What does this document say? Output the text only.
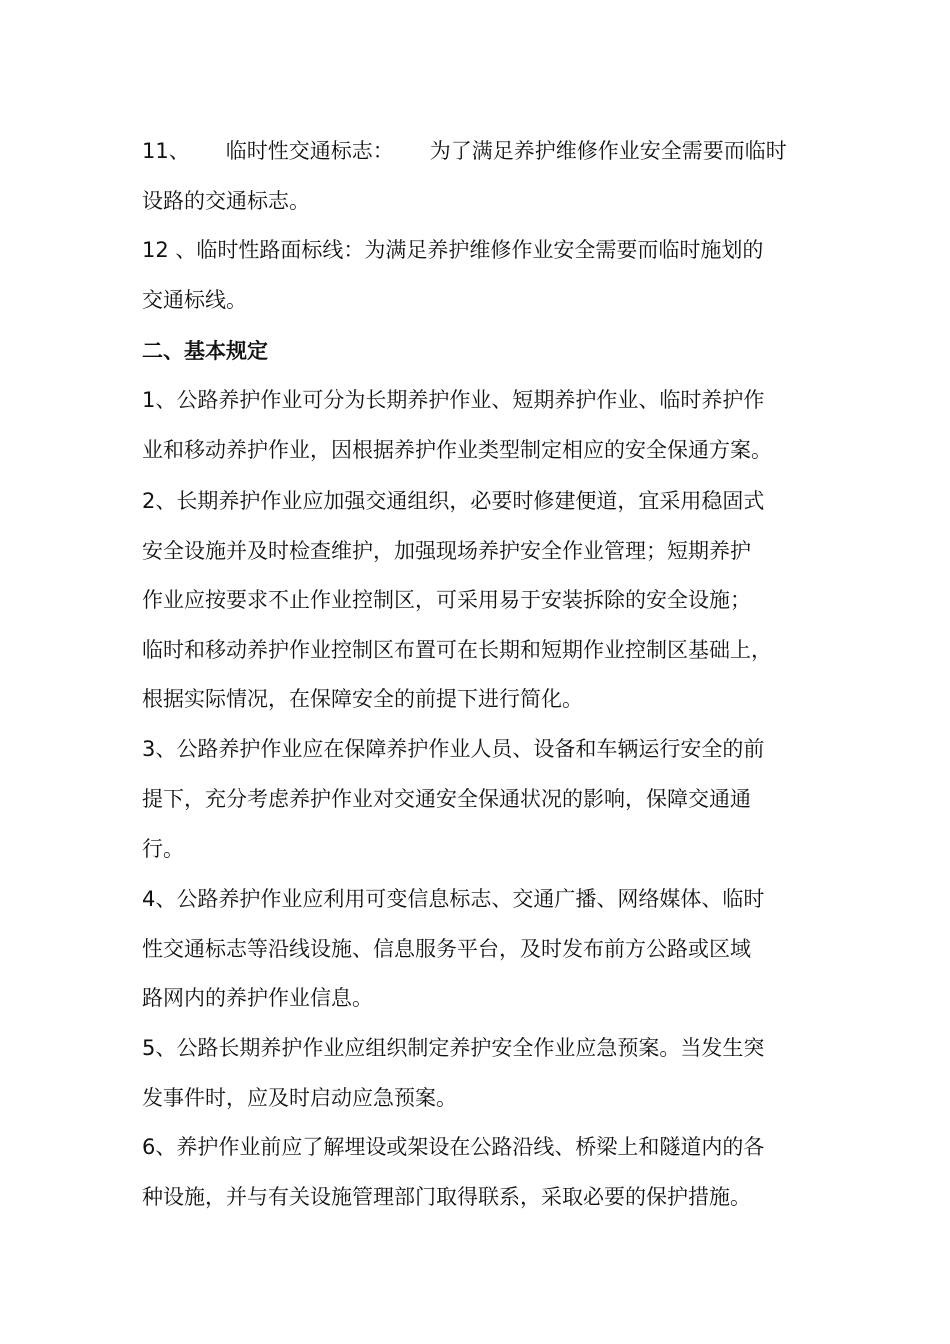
11、 临时性交通标志： 为了满足养护维修作业安全需要而临时
设路的交通标志。
12 、临时性路面标线：为满足养护维修作业安全需要而临时施划的
交通标线。
二、基本规定
1、公路养护作业可分为长期养护作业、短期养护作业、临时养护作
业和移动养护作业，因根据养护作业类型制定相应的安全保通方案。
2、长期养护作业应加强交通组织，必要时修建便道，宜采用稳固式
安全设施并及时检查维护，加强现场养护安全作业管理；短期养护
作业应按要求不止作业控制区，可采用易于安装拆除的安全设施；
临时和移动养护作业控制区布置可在长期和短期作业控制区基础上，
根据实际情况，在保障安全的前提下进行简化。
3、公路养护作业应在保障养护作业人员、设备和车辆运行安全的前
提下，充分考虑养护作业对交通安全保通状况的影响，保障交通通
行。
4、公路养护作业应利用可变信息标志、交通广播、网络媒体、临时
性交通标志等沿线设施、信息服务平台，及时发布前方公路或区域
路网内的养护作业信息。
5、公路长期养护作业应组织制定养护安全作业应急预案。当发生突
发事件时，应及时启动应急预案。
6、养护作业前应了解埋设或架设在公路沿线、桥梁上和隧道内的各
种设施，并与有关设施管理部门取得联系，采取必要的保护措施。
